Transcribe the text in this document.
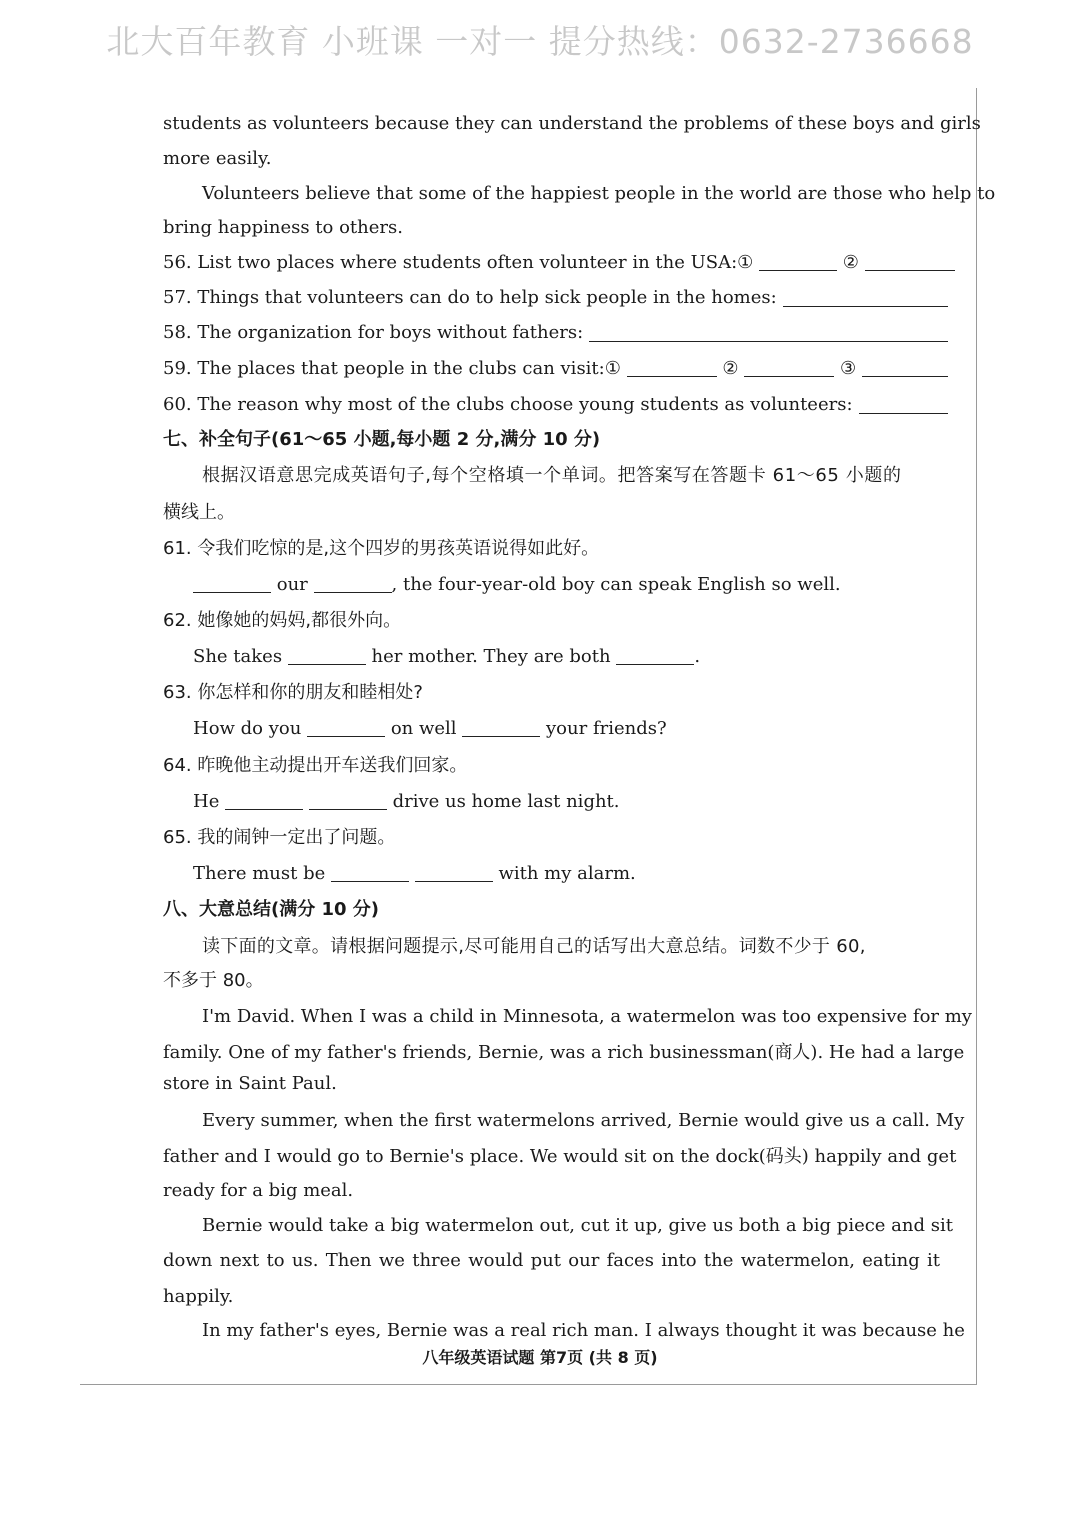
北大百年教育 小班课 一对一 提分热线：0632-2736668
students as volunteers because they can understand the problems of these boys and girls
more easily.
Volunteers believe that some of the happiest people in the world are those who help to
bring happiness to others.
56. List two places where students often volunteer in the USA:①	②
57. Things that volunteers can do to help sick people in the homes:
58. The organization for boys without fathers:
59. The places that people in the clubs can visit:①	②	③
60. The reason why most of the clubs choose young students as volunteers:
七、补全句子(61～65 小题,每小题 2 分,满分 10 分)
根据汉语意思完成英语句子,每个空格填一个单词。把答案写在答题卡 61～65 小题的
横线上。
61. 令我们吃惊的是,这个四岁的男孩英语说得如此好。
our	, the four-year-old boy can speak English so well.
62. 她像她的妈妈,都很外向。
She takes	her mother. They are both	.
63. 你怎样和你的朋友和睦相处?
How do you	on well	your friends?
64. 昨晚他主动提出开车送我们回家。
He	drive us home last night.
65. 我的闹钟一定出了问题。
There must be	with my alarm.
八、大意总结(满分 10 分)
读下面的文章。请根据问题提示,尽可能用自己的话写出大意总结。词数不少于 60,
不多于 80。
I'm David. When I was a child in Minnesota, a watermelon was too expensive for my
family. One of my father's friends, Bernie, was a rich businessman(商人). He had a large
store in Saint Paul.
Every summer, when the first watermelons arrived, Bernie would give us a call. My
father and I would go to Bernie's place. We would sit on the dock(码头) happily and get
ready for a big meal.
Bernie would take a big watermelon out, cut it up, give us both a big piece and sit
down next to us. Then we three would put our faces into the watermelon, eating it
happily.
In my father's eyes, Bernie was a real rich man. I always thought it was because he
八年级英语试题 第7页 (共 8 页)
